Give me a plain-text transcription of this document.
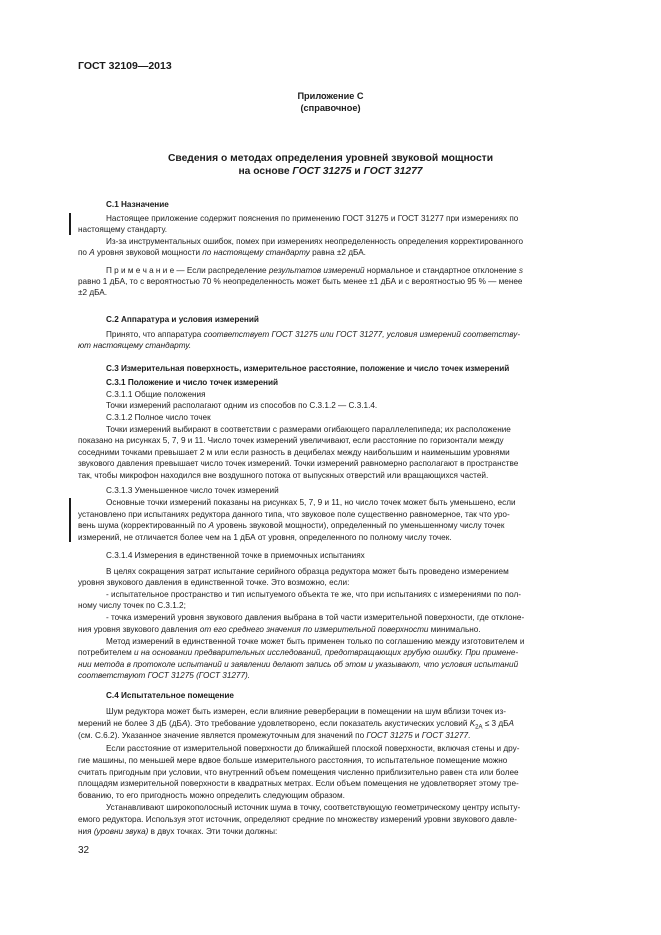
ГОСТ 32109—2013
Приложение С
(справочное)
Сведения о методах определения уровней звуковой мощности
на основе ГОСТ 31275 и ГОСТ 31277
С.1 Назначение
Настоящее приложение содержит пояснения по применению ГОСТ 31275 и ГОСТ 31277 при измерениях по
настоящему стандарту.
Из-за инструментальных ошибок, помех при измерениях неопределенность определения корректированного
по A уровня звуковой мощности по настоящему стандарту равна ±2 дБА.
П р и м е ч а н и е — Если распределение результатов измерений нормальное и стандартное отклонение s
равно 1 дБА, то с вероятностью 70 % неопределенность может быть менее ±1 дБА и с вероятностью 95 % — менее
±2 дБА.
С.2 Аппаратура и условия измерений
Принято, что аппаратура соответствует ГОСТ 31275 или ГОСТ 31277, условия измерений соответству-
ют настоящему стандарту.
С.3 Измерительная поверхность, измерительное расстояние, положение и число точек измерений
С.3.1 Положение и число точек измерений
С.3.1.1 Общие положения
Точки измерений располагают одним из способов по С.3.1.2 — С.3.1.4.
С.3.1.2 Полное число точек
Точки измерений выбирают в соответствии с размерами огибающего параллелепипеда; их расположение
показано на рисунках 5, 7, 9 и 11. Число точек измерений увеличивают, если расстояние по горизонтали между
соседними точками превышает 2 м или если разность в децибелах между наибольшим и наименьшим уровнями
звукового давления превышает число точек измерений. Точки измерений равномерно располагают в пространстве
так, чтобы микрофон находился вне воздушного потока от выпускных отверстий или вращающихся частей.
С.3.1.3 Уменьшенное число точек измерений
Основные точки измерений показаны на рисунках 5, 7, 9 и 11, но число точек может быть уменьшено, если
установлено при испытаниях редуктора данного типа, что звуковое поле существенно равномерное, так что уро-
вень шума (корректированный по A уровень звуковой мощности), определенный по уменьшенному числу точек
измерений, не отличается более чем на 1 дБА от уровня, определенного по полному числу точек.
С.3.1.4 Измерения в единственной точке в приемочных испытаниях
В целях сокращения затрат испытание серийного образца редуктора может быть проведено измерением
уровня звукового давления в единственной точке. Это возможно, если:
- испытательное пространство и тип испытуемого объекта те же, что при испытаниях с измерениями по пол-
ному числу точек по С.3.1.2;
- точка измерений уровня звукового давления выбрана в той части измерительной поверхности, где отклоне-
ния уровня звукового давления от его среднего значения по измерительной поверхности минимально.
Метод измерений в единственной точке может быть применен только по соглашению между изготовителем и
потребителем и на основании предварительных исследований, предотвращающих грубую ошибку. При примене-
нии метода в протоколе испытаний и заявлении делают запись об этом и указывают, что условия испытаний
соответствуют ГОСТ 31275 (ГОСТ 31277).
С.4 Испытательное помещение
Шум редуктора может быть измерен, если влияние реверберации в помещении на шум вблизи точек из-
мерений не более 3 дБ (дБA). Это требование удовлетворено, если показатель акустических условий $K_{2A} \le 3$ дБA
(см. С.6.2). Указанное значение является промежуточным для значений по ГОСТ 31275 и ГОСТ 31277.
Если расстояние от измерительной поверхности до ближайшей плоской поверхности, включая стены и дру-
гие машины, по меньшей мере вдвое больше измерительного расстояния, то испытательное помещение можно
считать пригодным при условии, что внутренний объем помещения численно приблизительно равен ста или более
площадям измерительной поверхности в квадратных метрах. Если объем помещения не удовлетворяет этому тре-
бованию, то его пригодность можно определить следующим образом.
Устанавливают широкополосный источник шума в точку, соответствующую геометрическому центру испыту-
емого редуктора. Используя этот источник, определяют средние по множеству измерений уровни звукового давле-
ния (уровни звука) в двух точках. Эти точки должны:
32
